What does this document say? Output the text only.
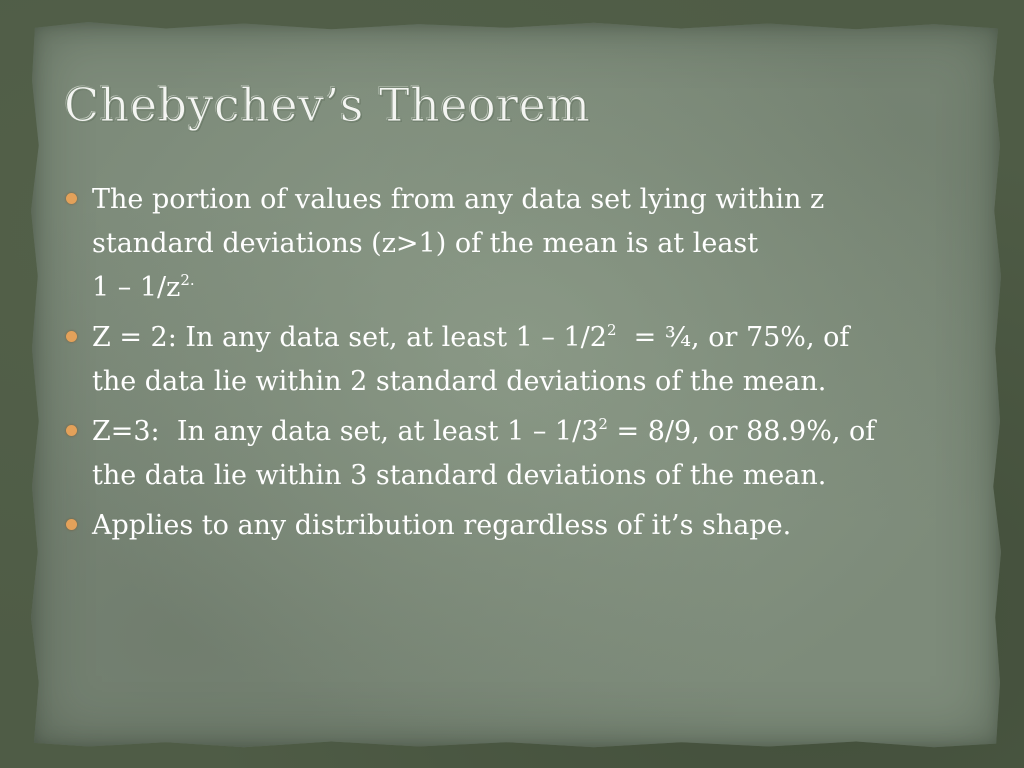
Chebychev’s Theorem
The portion of values from any data set lying within z
standard deviations (z>1) of the mean is at least
$1 - 1/z^{2.}$
Z = 2: In any data set, at least $1 - 1/2^2$  = ¾, or 75%, of
the data lie within 2 standard deviations of the mean.
Z=3:  In any data set, at least $1 - 1/3^2 = 8/9$, or 88.9%, of
the data lie within 3 standard deviations of the mean.
Applies to any distribution regardless of it’s shape.
